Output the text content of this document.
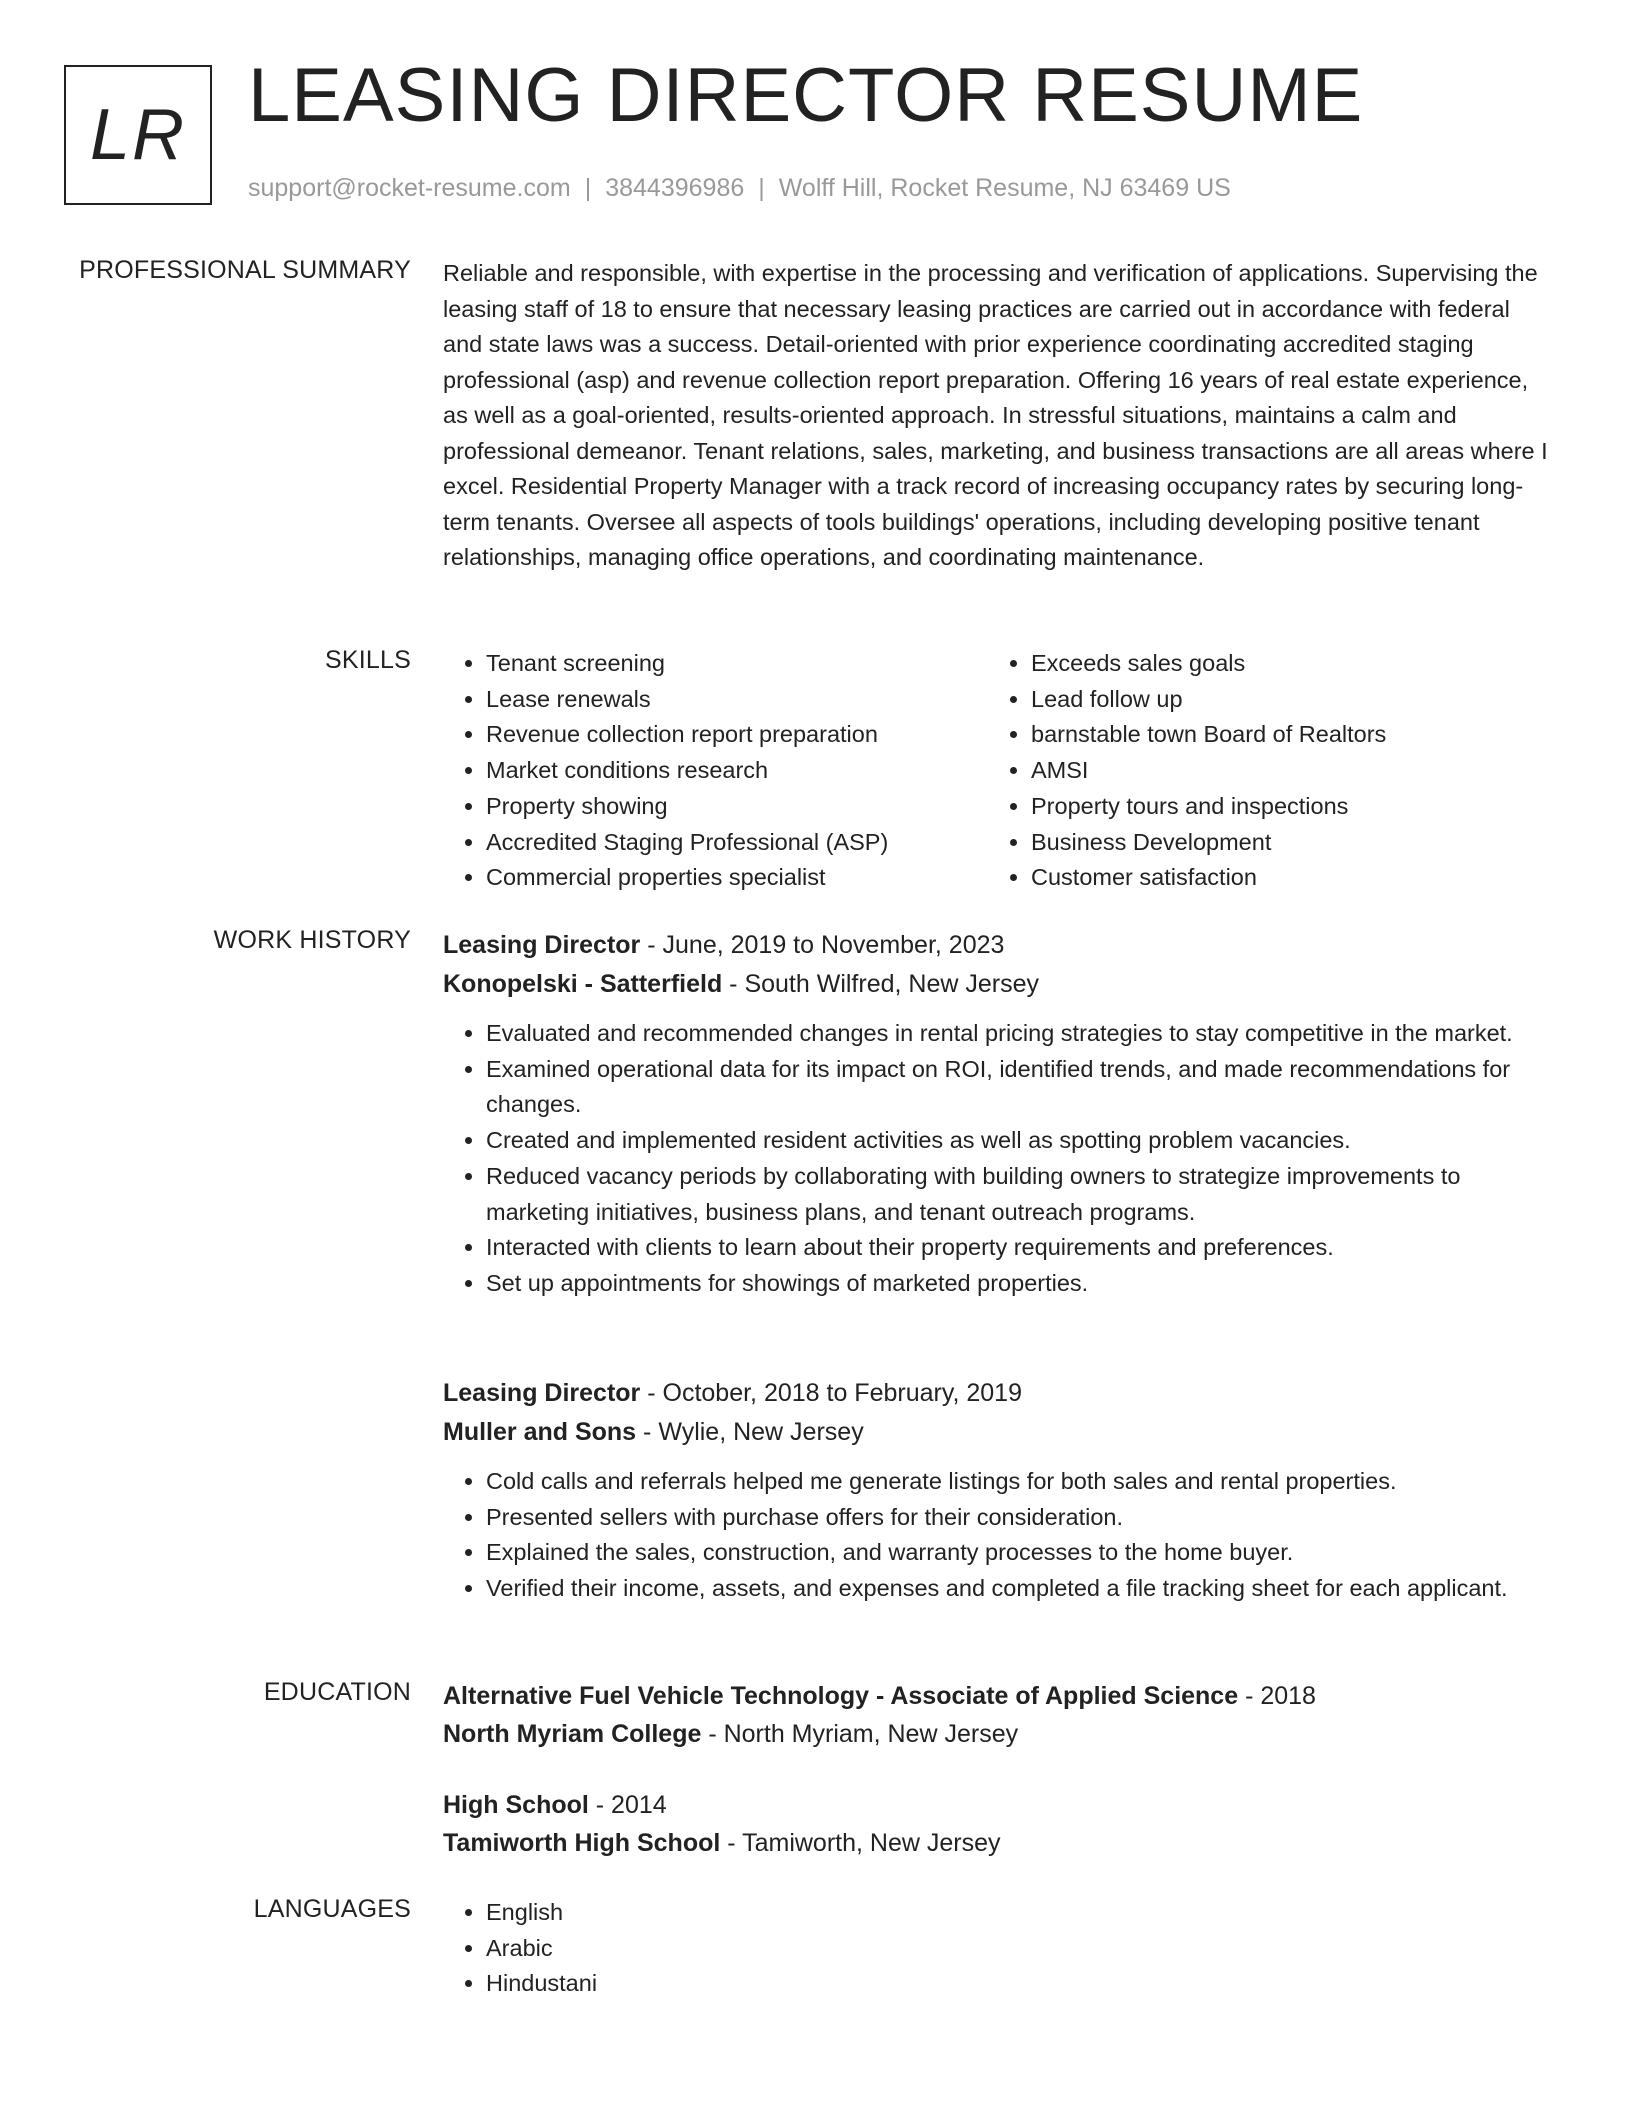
LR LEASING DIRECTOR RESUME
support@rocket-resume.com | 3844396986 | Wolff Hill, Rocket Resume, NJ 63469 US
PROFESSIONAL SUMMARY Reliable and responsible, with expertise in the processing and verification of applications. Supervising the leasing staff of 18 to ensure that necessary leasing practices are carried out in accordance with federal and state laws was a success. Detail-oriented with prior experience coordinating accredited staging professional (asp) and revenue collection report preparation. Offering 16 years of real estate experience, as well as a goal-oriented, results-oriented approach. In stressful situations, maintains a calm and professional demeanor. Tenant relations, sales, marketing, and business transactions are all areas where I excel. Residential Property Manager with a track record of increasing occupancy rates by securing long-term tenants. Oversee all aspects of tools buildings' operations, including developing positive tenant relationships, managing office operations, and coordinating maintenance.

SKILLS	• Tenant screening
• Lease renewals
• Revenue collection report preparation
• Market conditions research
• Property showing
• Accredited Staging Professional (ASP)
• Commercial properties specialist
• Exceeds sales goals
• Lead follow up
• barnstable town Board of Realtors
• AMSI
• Property tours and inspections
• Business Development
• Customer satisfaction
WORK HISTORY Leasing Director - June, 2019 to November, 2023
Konopelski - Satterfield - South Wilfred, New Jersey
• Evaluated and recommended changes in rental pricing strategies to stay competitive in the market.
• Examined operational data for its impact on ROI, identified trends, and made recommendations for changes.
• Created and implemented resident activities as well as spotting problem vacancies.
• Reduced vacancy periods by collaborating with building owners to strategize improvements to marketing initiatives, business plans, and tenant outreach programs.
• Interacted with clients to learn about their property requirements and preferences.
• Set up appointments for showings of marketed properties.
Leasing Director - October, 2018 to February, 2019
Muller and Sons - Wylie, New Jersey
• Cold calls and referrals helped me generate listings for both sales and rental properties.
• Presented sellers with purchase offers for their consideration.
• Explained the sales, construction, and warranty processes to the home buyer.
• Verified their income, assets, and expenses and completed a file tracking sheet for each applicant.
EDUCATION Alternative Fuel Vehicle Technology - Associate of Applied Science - 2018
North Myriam College - North Myriam, New Jersey
High School - 2014
Tamiworth High School - Tamiworth, New Jersey
LANGUAGES	• English
• Arabic
• Hindustani
